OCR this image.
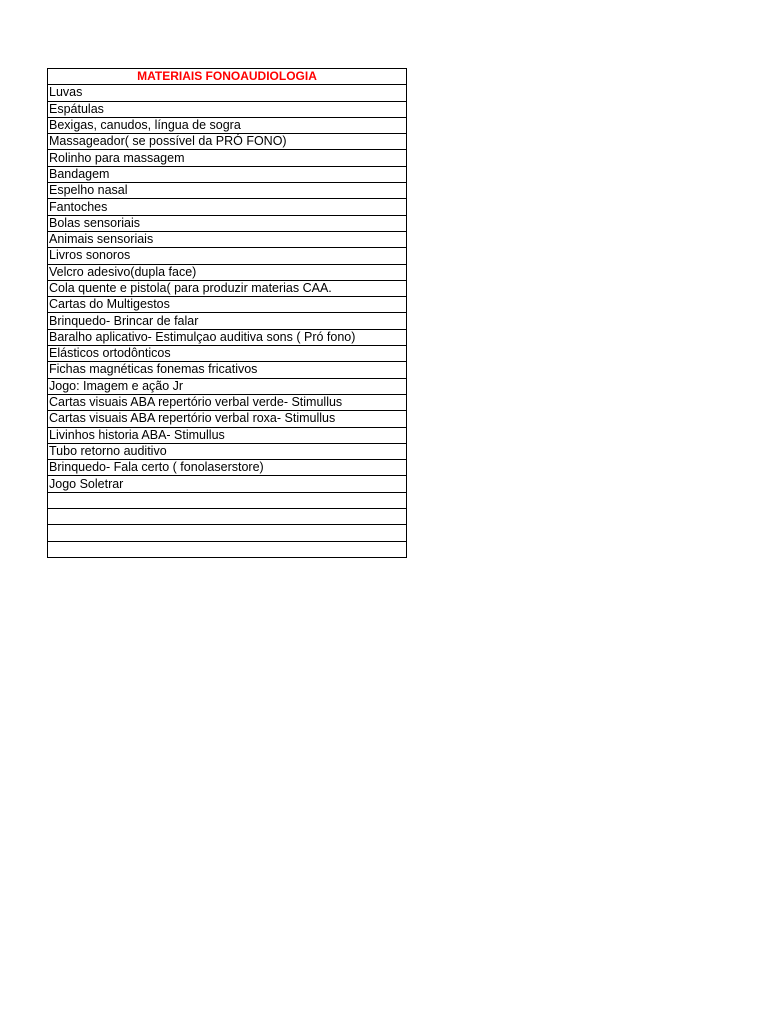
MATERIAIS FONOAUDIOLOGIA
Luvas
Espátulas
Bexigas, canudos, língua de sogra
Massageador( se possível da PRÓ FONO)
Rolinho para massagem
Bandagem
Espelho nasal
Fantoches
Bolas sensoriais
Animais sensoriais
Livros sonoros
Velcro adesivo(dupla face)
Cola quente e pistola( para produzir materias CAA.
Cartas do Multigestos
Brinquedo- Brincar de falar
Baralho aplicativo- Estimulçao auditiva sons ( Pró fono)
Elásticos ortodônticos
Fichas magnéticas fonemas fricativos
Jogo: Imagem e ação Jr
Cartas visuais ABA repertório verbal verde- Stimullus
Cartas visuais ABA repertório verbal roxa- Stimullus
Livinhos historia ABA- Stimullus
Tubo retorno auditivo
Brinquedo- Fala certo ( fonolaserstore)
Jogo Soletrar
